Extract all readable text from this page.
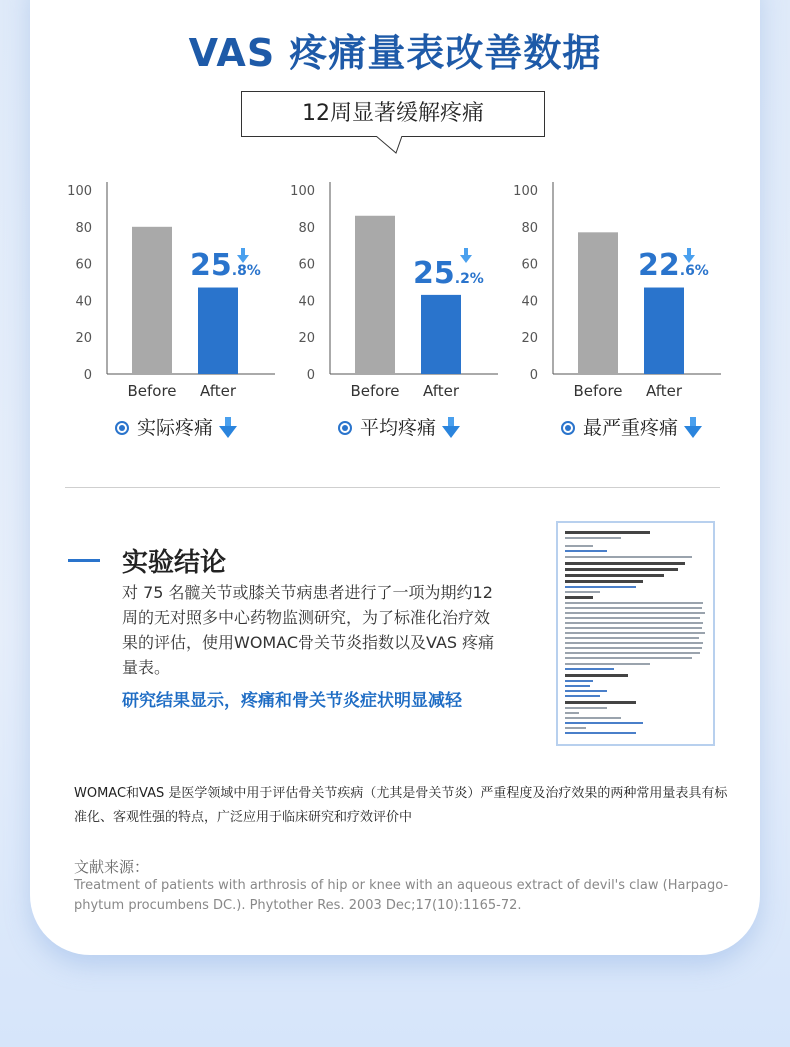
VAS 疼痛量表改善数据
12周显著缓解疼痛
0
20
40
60
80
100
Before After
25.8%
0
20
40
60
80
100
Before After
25.2%
0
20
40
60
80
100
Before After
22.6%
实际疼痛	平均疼痛	最严重疼痛
实验结论
对 75 名髋关节或膝关节病患者进行了一项为期约12周的无对照多中心药物监测研究，为了标准化治疗效果的评估，使用WOMAC骨关节炎指数以及VAS 疼痛量表。
研究结果显示，疼痛和骨关节炎症状明显减轻
WOMAC和VAS 是医学领域中用于评估骨关节疾病（尤其是骨关节炎）严重程度及治疗效果的两种常用量表具有标准化、客观性强的特点，广泛应用于临床研究和疗效评价中
文献来源：
Treatment of patients with arthrosis of hip or knee with an aqueous extract of devil's claw (Harpago-phytum procumbens DC.). Phytother Res. 2003 Dec;17(10):1165-72.
